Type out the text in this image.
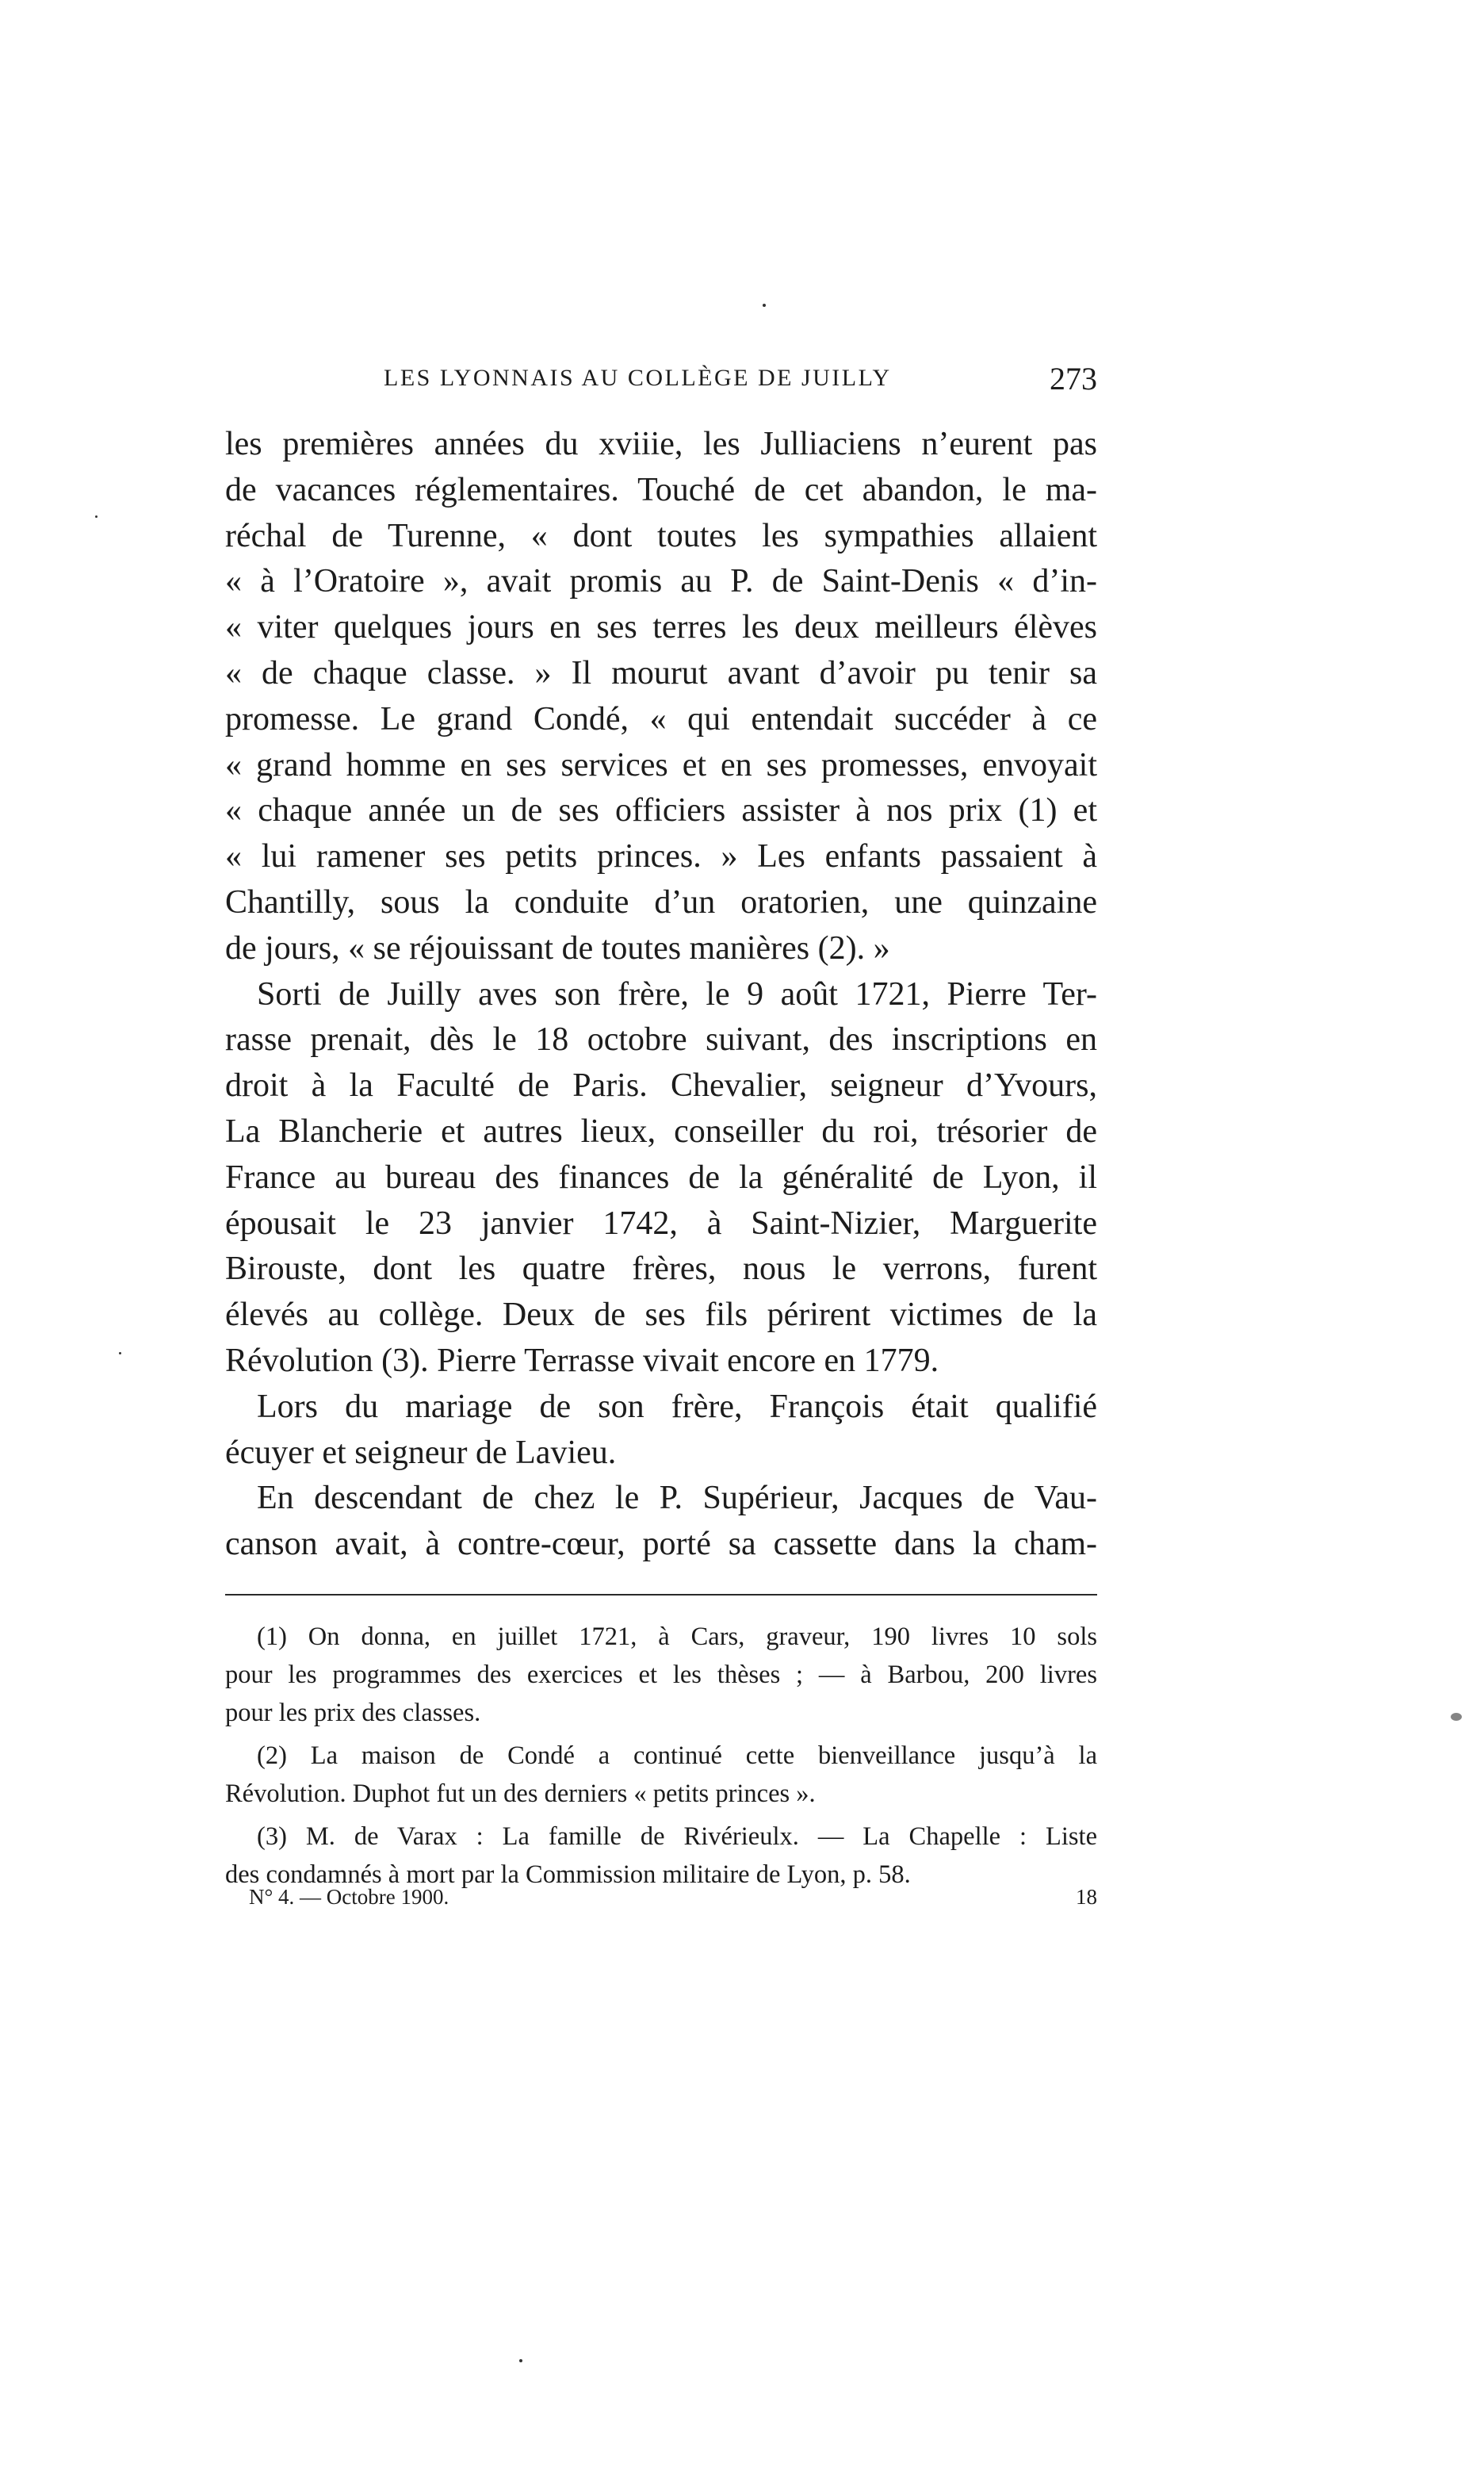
LES LYONNAIS AU COLLÈGE DE JUILLY	273
les premières années du xviiie, les Julliaciens n’eurent pas
de vacances réglementaires. Touché de cet abandon, le ma-
réchal de Turenne, « dont toutes les sympathies allaient
« à l’Oratoire », avait promis au P. de Saint-Denis « d’in-
« viter quelques jours en ses terres les deux meilleurs élèves
« de chaque classe. » Il mourut avant d’avoir pu tenir sa
promesse. Le grand Condé, « qui entendait succéder à ce
« grand homme en ses services et en ses promesses, envoyait
« chaque année un de ses officiers assister à nos prix (1) et
« lui ramener ses petits princes. » Les enfants passaient à
Chantilly, sous la conduite d’un oratorien, une quinzaine
de jours, « se réjouissant de toutes manières (2). »
Sorti de Juilly aves son frère, le 9 août 1721, Pierre Ter-
rasse prenait, dès le 18 octobre suivant, des inscriptions en
droit à la Faculté de Paris. Chevalier, seigneur d’Yvours,
La Blancherie et autres lieux, conseiller du roi, trésorier de
France au bureau des finances de la généralité de Lyon, il
épousait le 23 janvier 1742, à Saint-Nizier, Marguerite
Birouste, dont les quatre frères, nous le verrons, furent
élevés au collège. Deux de ses fils périrent victimes de la
Révolution (3). Pierre Terrasse vivait encore en 1779.
Lors du mariage de son frère, François était qualifié
écuyer et seigneur de Lavieu.
En descendant de chez le P. Supérieur, Jacques de Vau-
canson avait, à contre-cœur, porté sa cassette dans la cham-
(1) On donna, en juillet 1721, à Cars, graveur, 190 livres 10 sols
pour les programmes des exercices et les thèses ; — à Barbou, 200 livres
pour les prix des classes.
(2) La maison de Condé a continué cette bienveillance jusqu’à la
Révolution. Duphot fut un des derniers « petits princes ».
(3) M. de Varax : La famille de Rivérieulx. — La Chapelle : Liste
des condamnés à mort par la Commission militaire de Lyon, p. 58.
N° 4. — Octobre 1900.	18
